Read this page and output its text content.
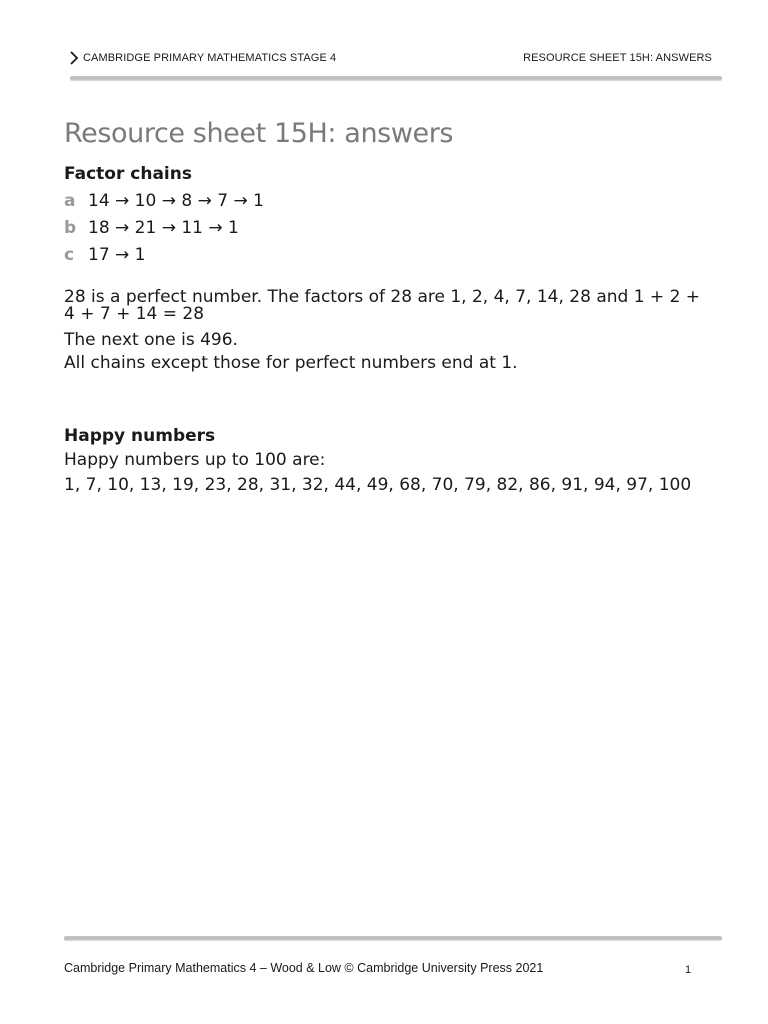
CAMBRIDGE PRIMARY MATHEMATICS STAGE 4	RESOURCE SHEET 15H: ANSWERS
Resource sheet 15H: answers
Factor chains
a 14 → 10 → 8 → 7 → 1
b 18 → 21 → 11 → 1
c 17 → 1
28 is a perfect number. The factors of 28 are 1, 2, 4, 7, 14, 28 and 1 + 2 + 4 + 7 + 14 = 28
The next one is 496.
All chains except those for perfect numbers end at 1.
Happy numbers
Happy numbers up to 100 are:
1, 7, 10, 13, 19, 23, 28, 31, 32, 44, 49, 68, 70, 79, 82, 86, 91, 94, 97, 100
Cambridge Primary Mathematics 4 – Wood & Low © Cambridge University Press 2021	1
